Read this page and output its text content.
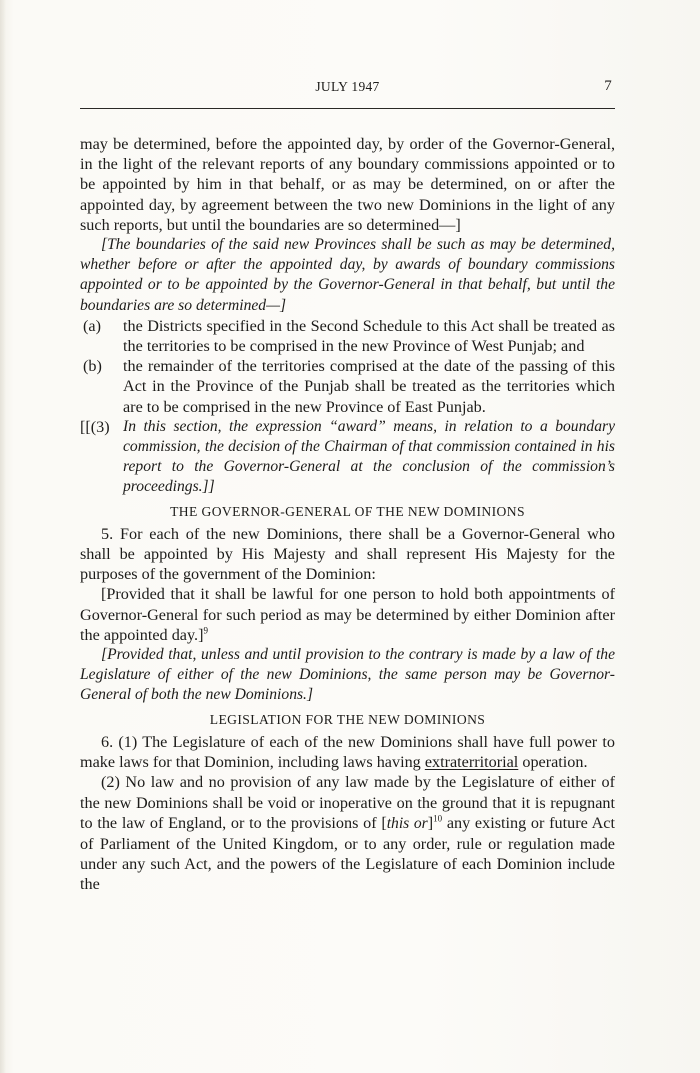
JULY 1947	7

may be determined, before the appointed day, by order of the Governor-General, in the light of the relevant reports of any boundary commissions appointed or to be appointed by him in that behalf, or as may be determined, on or after the appointed day, by agreement between the two new Dominions in the light of any such reports, but until the boundaries are so determined—]

[The boundaries of the said new Provinces shall be such as may be determined, whether before or after the appointed day, by awards of boundary commissions appointed or to be appointed by the Governor-General in that behalf, but until the boundaries are so determined—]

(a)	the Districts specified in the Second Schedule to this Act shall be treated as the territories to be comprised in the new Province of West Punjab; and
(b)	the remainder of the territories comprised at the date of the passing of this Act in the Province of the Punjab shall be treated as the territories which are to be comprised in the new Province of East Punjab.
[[(3) In this section, the expression “award” means, in relation to a boundary commission, the decision of the Chairman of that commission contained in his report to the Governor-General at the conclusion of the commission’s proceedings.]]

THE GOVERNOR-GENERAL OF THE NEW DOMINIONS

5. For each of the new Dominions, there shall be a Governor-General who shall be appointed by His Majesty and shall represent His Majesty for the purposes of the government of the Dominion:

[Provided that it shall be lawful for one person to hold both appointments of Governor-General for such period as may be determined by either Dominion after the appointed day.]$^9$

[Provided that, unless and until provision to the contrary is made by a law of the Legislature of either of the new Dominions, the same person may be Governor-General of both the new Dominions.]

LEGISLATION FOR THE NEW DOMINIONS

6. (1) The Legislature of each of the new Dominions shall have full power to make laws for that Dominion, including laws having extraterritorial operation.

(2) No law and no provision of any law made by the Legislature of either of the new Dominions shall be void or inoperative on the ground that it is repugnant to the law of England, or to the provisions of [this or]$^{10}$ any existing or future Act of Parliament of the United Kingdom, or to any order, rule or regulation made under any such Act, and the powers of the Legislature of each Dominion include the
